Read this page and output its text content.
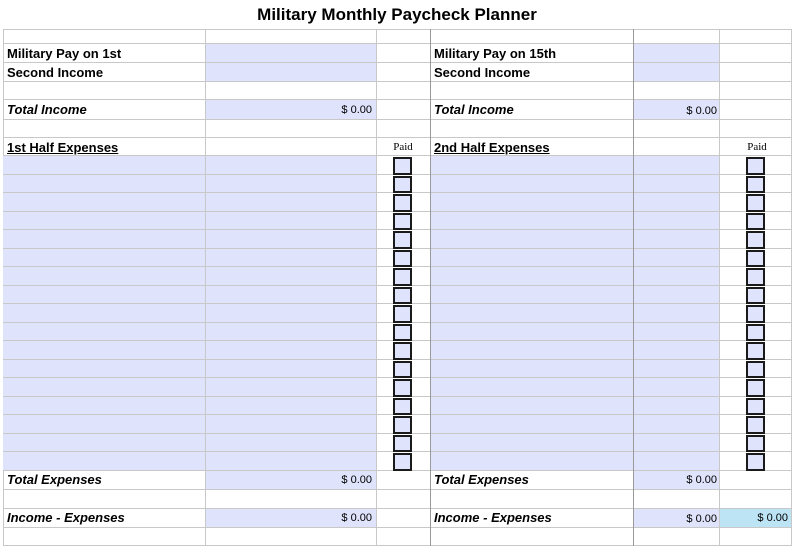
Military Monthly Paycheck Planner
Military Pay on 1st
Second Income
Total Income	$ 0.00
1st Half Expenses	Paid
Total Expenses	$ 0.00
Income - Expenses	$ 0.00
Military Pay on 15th
Second Income
Total Income	$ 0.00
2nd Half Expenses	Paid
Total Expenses	$ 0.00
Income - Expenses	$ 0.00	$ 0.00
